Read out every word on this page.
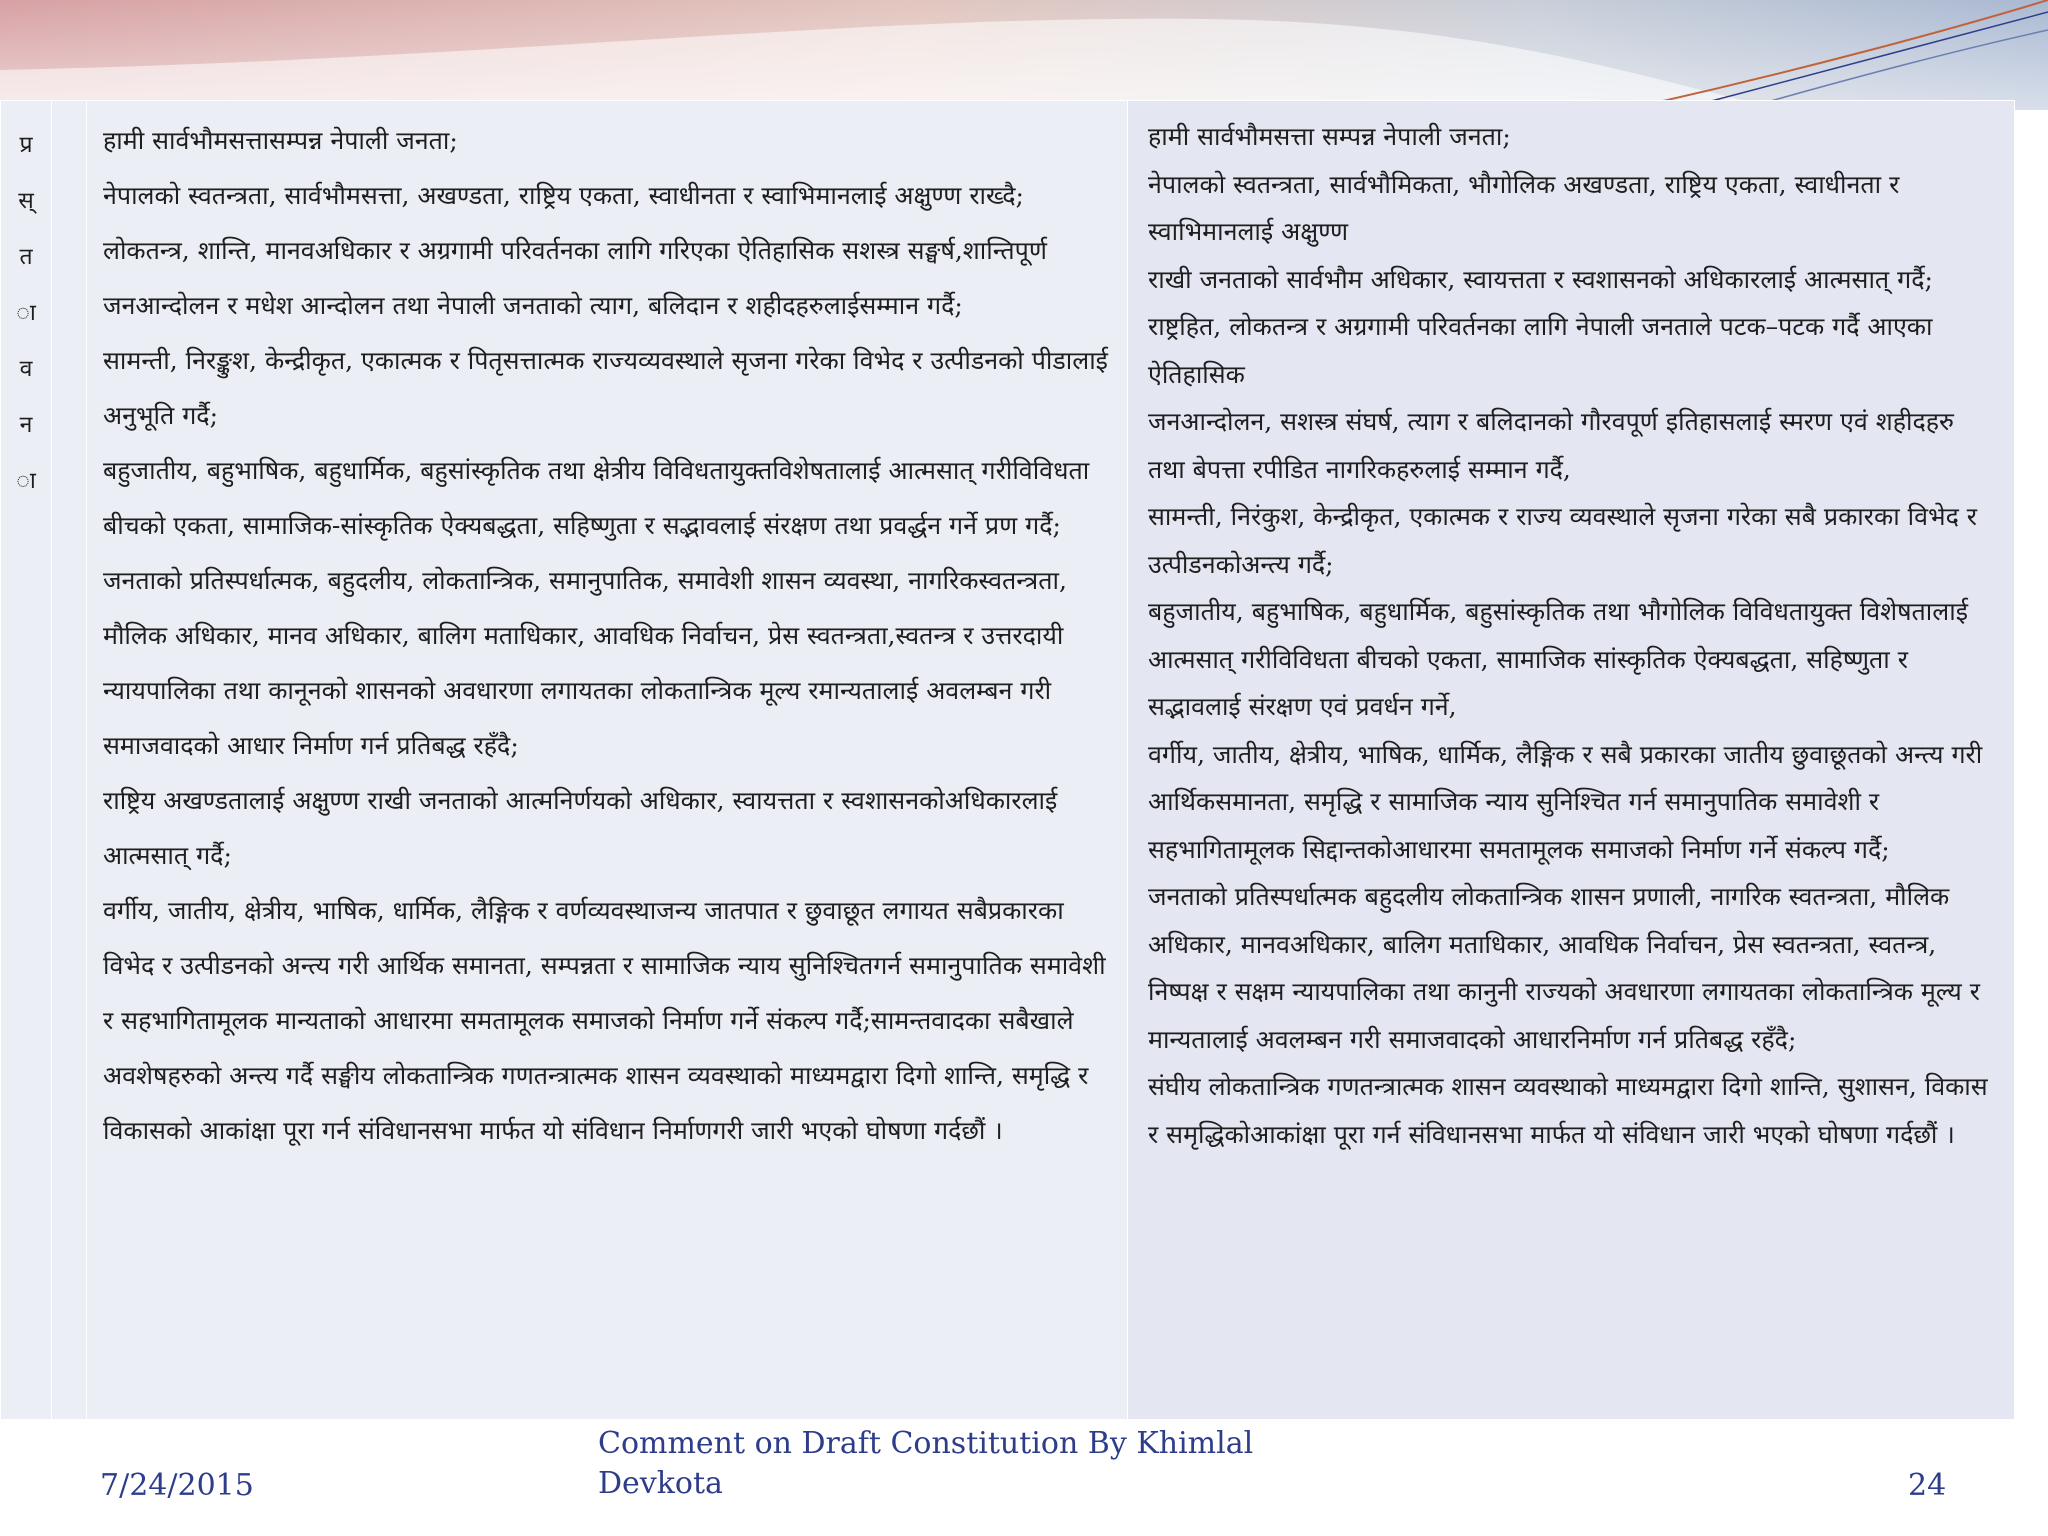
प्र
स्
त
ा
व
न
ा

हामी सार्वभौमसत्तासम्पन्न नेपाली जनता;

नेपालको स्वतन्त्रता, सार्वभौमसत्ता, अखण्डता, राष्ट्रिय एकता, स्वाधीनता र स्वाभिमानलाई अक्षुण्ण राख्दै; लोकतन्त्र, शान्ति, मानवअधिकार र अग्रगामी परिवर्तनका लागि गरिएका ऐतिहासिक सशस्त्र सङ्घर्ष,शान्तिपूर्ण जनआन्दोलन र मधेश आन्दोलन तथा नेपाली जनताको त्याग, बलिदान र शहीदहरुलाईसम्मान गर्दै;

सामन्ती, निरङ्कुश, केन्द्रीकृत, एकात्मक र पितृसत्तात्मक राज्यव्यवस्थाले सृजना गरेका विभेद र उत्पीडनको पीडालाई अनुभूति गर्दै;

बहुजातीय, बहुभाषिक, बहुधार्मिक, बहुसांस्कृतिक तथा क्षेत्रीय विविधतायुक्तविशेषतालाई आत्मसात् गरीविविधता बीचको एकता, सामाजिक-सांस्कृतिक ऐक्यबद्धता, सहिष्णुता र सद्भावलाई संरक्षण तथा प्रवर्द्धन गर्ने प्रण गर्दै;

जनताको प्रतिस्पर्धात्मक, बहुदलीय, लोकतान्त्रिक, समानुपातिक, समावेशी शासन व्यवस्था, नागरिकस्वतन्त्रता, मौलिक अधिकार, मानव अधिकार, बालिग मताधिकार, आवधिक निर्वाचन, प्रेस स्वतन्त्रता,स्वतन्त्र र उत्तरदायी न्यायपालिका तथा कानूनको शासनको अवधारणा लगायतका लोकतान्त्रिक मूल्य रमान्यतालाई अवलम्बन गरी समाजवादको आधार निर्माण गर्न प्रतिबद्ध रहँदै;

राष्ट्रिय अखण्डतालाई अक्षुण्ण राखी जनताको आत्मनिर्णयको अधिकार, स्वायत्तता र स्वशासनकोअधिकारलाई आत्मसात् गर्दै;

वर्गीय, जातीय, क्षेत्रीय, भाषिक, धार्मिक, लैङ्गिक र वर्णव्यवस्थाजन्य जातपात र छुवाछूत लगायत सबैप्रकारका विभेद र उत्पीडनको अन्त्य गरी आर्थिक समानता, सम्पन्नता र सामाजिक न्याय सुनिश्चितगर्न समानुपातिक समावेशी र सहभागितामूलक मान्यताको आधारमा समतामूलक समाजको निर्माण गर्ने संकल्प गर्दै;सामन्तवादका सबैखाले अवशेषहरुको अन्त्य गर्दै सङ्घीय लोकतान्त्रिक गणतन्त्रात्मक शासन व्यवस्थाको माध्यमद्वारा दिगो शान्ति, समृद्धि र विकासको आकांक्षा पूरा गर्न संविधानसभा मार्फत यो संविधान निर्माणगरी जारी भएको घोषणा गर्दछौं ।

हामी सार्वभौमसत्ता सम्पन्न नेपाली जनता;

नेपालको स्वतन्त्रता, सार्वभौमिकता, भौगोलिक अखण्डता, राष्ट्रिय एकता, स्वाधीनता र स्वाभिमानलाई अक्षुण्ण

राखी जनताको सार्वभौम अधिकार, स्वायत्तता र स्वशासनको अधिकारलाई आत्मसात् गर्दै;

राष्ट्रहित, लोकतन्त्र र अग्रगामी परिवर्तनका लागि नेपाली जनताले पटक–पटक गर्दै आएका ऐतिहासिक

जनआन्दोलन, सशस्त्र संघर्ष, त्याग र बलिदानको गौरवपूर्ण इतिहासलाई स्मरण एवं शहीदहरु तथा बेपत्ता रपीडित नागरिकहरुलाई सम्मान गर्दै,

सामन्ती, निरंकुश, केन्द्रीकृत, एकात्मक र राज्य व्यवस्थाले सृजना गरेका सबै प्रकारका विभेद र उत्पीडनकोअन्त्य गर्दै;

बहुजातीय, बहुभाषिक, बहुधार्मिक, बहुसांस्कृतिक तथा भौगोलिक विविधतायुक्त विशेषतालाई आत्मसात् गरीविविधता बीचको एकता, सामाजिक सांस्कृतिक ऐक्यबद्धता, सहिष्णुता र सद्भावलाई संरक्षण एवं प्रवर्धन गर्ने,

वर्गीय, जातीय, क्षेत्रीय, भाषिक, धार्मिक, लैङ्गिक र सबै प्रकारका जातीय छुवाछूतको अन्त्य गरी आर्थिकसमानता, समृद्धि र सामाजिक न्याय सुनिश्चित गर्न समानुपातिक समावेशी र सहभागितामूलक सिद्दान्तकोआधारमा समतामूलक समाजको निर्माण गर्ने संकल्प गर्दै;

जनताको प्रतिस्पर्धात्मक बहुदलीय लोकतान्त्रिक शासन प्रणाली, नागरिक स्वतन्त्रता, मौलिक अधिकार, मानवअधिकार, बालिग मताधिकार, आवधिक निर्वाचन, प्रेस स्वतन्त्रता, स्वतन्त्र, निष्पक्ष र सक्षम न्यायपालिका तथा कानुनी राज्यको अवधारणा लगायतका लोकतान्त्रिक मूल्य र मान्यतालाई अवलम्बन गरी समाजवादको आधारनिर्माण गर्न प्रतिबद्ध रहँदै;

संघीय लोकतान्त्रिक गणतन्त्रात्मक शासन व्यवस्थाको माध्यमद्वारा दिगो शान्ति, सुशासन, विकास र समृद्धिकोआकांक्षा पूरा गर्न संविधानसभा मार्फत यो संविधान जारी भएको घोषणा गर्दछौं ।

7/24/2015
Comment on Draft Constitution By Khimlal Devkota	24
